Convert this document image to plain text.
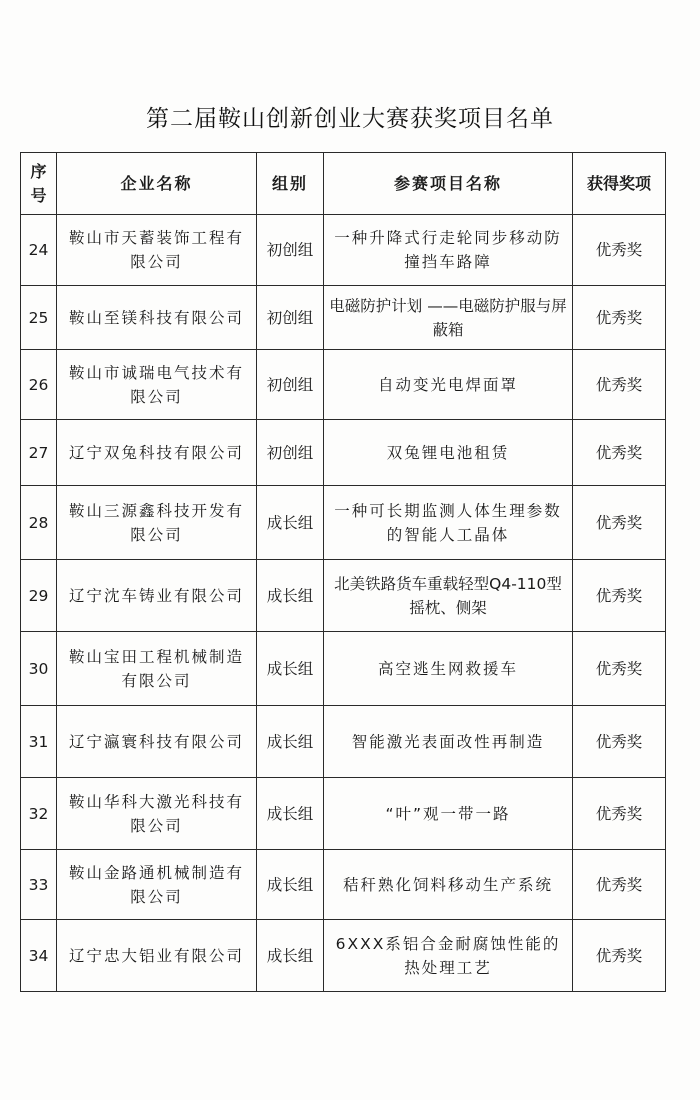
第二届鞍山创新创业大赛获奖项目名单
序号	企业名称	组别	参赛项目名称	获得奖项
24	鞍山市天蓄装饰工程有限公司	初创组	一种升降式行走轮同步移动防撞挡车路障	优秀奖
25	鞍山至镁科技有限公司	初创组	电磁防护计划 ——电磁防护服与屏蔽箱	优秀奖
26	鞍山市诚瑞电气技术有限公司	初创组	自动变光电焊面罩	优秀奖
27	辽宁双兔科技有限公司	初创组	双兔锂电池租赁	优秀奖
28	鞍山三源鑫科技开发有限公司	成长组	一种可长期监测人体生理参数的智能人工晶体	优秀奖
29	辽宁沈车铸业有限公司	成长组	北美铁路货车重载轻型Q4-110型摇枕、侧架	优秀奖
30	鞍山宝田工程机械制造有限公司	成长组	高空逃生网救援车	优秀奖
31	辽宁瀛寰科技有限公司	成长组	智能激光表面改性再制造	优秀奖
32	鞍山华科大激光科技有限公司	成长组	“叶”观一带一路	优秀奖
33	鞍山金路通机械制造有限公司	成长组	秸秆熟化饲料移动生产系统	优秀奖
34	辽宁忠大铝业有限公司	成长组	6XXX系铝合金耐腐蚀性能的热处理工艺	优秀奖
